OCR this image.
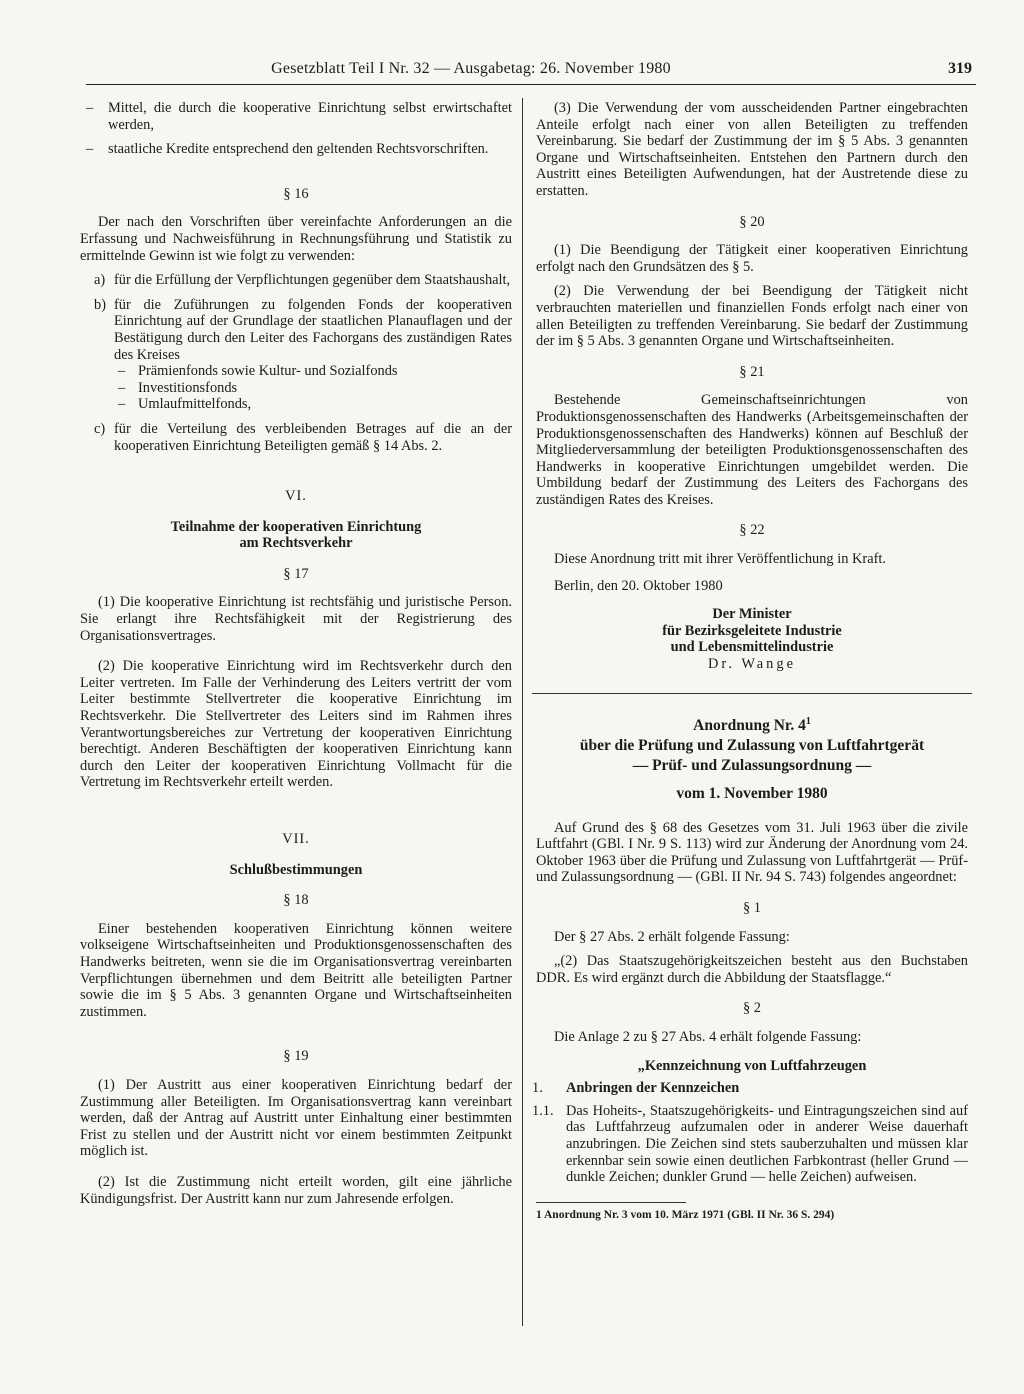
Gesetzblatt Teil I Nr. 32 — Ausgabetag: 26. November 1980	319
– Mittel, die durch die kooperative Einrichtung selbst erwirtschaftet werden,
– staatliche Kredite entsprechend den geltenden Rechtsvorschriften.

§ 16

Der nach den Vorschriften über vereinfachte Anforderungen an die Erfassung und Nachweisführung in Rechnungsführung und Statistik zu ermittelnde Gewinn ist wie folgt zu verwenden:

a) für die Erfüllung der Verpflichtungen gegenüber dem Staatshaushalt,
b) für die Zuführungen zu folgenden Fonds der kooperativen Einrichtung auf der Grundlage der staatlichen Planauflagen und der Bestätigung durch den Leiter des Fachorgans des zuständigen Rates des Kreises
– Prämienfonds sowie Kultur- und Sozialfonds
– Investitionsfonds
– Umlaufmittelfonds,
c) für die Verteilung des verbleibenden Betrages auf die an der kooperativen Einrichtung Beteiligten gemäß § 14 Abs. 2.

VI.

Teilnahme der kooperativen Einrichtung

am Rechtsverkehr

§ 17

(1) Die kooperative Einrichtung ist rechtsfähig und juristische Person. Sie erlangt ihre Rechtsfähigkeit mit der Registrierung des Organisationsvertrages.

(2) Die kooperative Einrichtung wird im Rechtsverkehr durch den Leiter vertreten. Im Falle der Verhinderung des Leiters vertritt der vom Leiter bestimmte Stellvertreter die kooperative Einrichtung im Rechtsverkehr. Die Stellvertreter des Leiters sind im Rahmen ihres Verantwortungsbereiches zur Vertretung der kooperativen Einrichtung berechtigt. Anderen Beschäftigten der kooperativen Einrichtung kann durch den Leiter der kooperativen Einrichtung Vollmacht für die Vertretung im Rechtsverkehr erteilt werden.

VII.

Schlußbestimmungen

§ 18

Einer bestehenden kooperativen Einrichtung können weitere volkseigene Wirtschaftseinheiten und Produktionsgenossenschaften des Handwerks beitreten, wenn sie die im Organisationsvertrag vereinbarten Verpflichtungen übernehmen und dem Beitritt alle beteiligten Partner sowie die im § 5 Abs. 3 genannten Organe und Wirtschaftseinheiten zustimmen.

§ 19

(1) Der Austritt aus einer kooperativen Einrichtung bedarf der Zustimmung aller Beteiligten. Im Organisationsvertrag kann vereinbart werden, daß der Antrag auf Austritt unter Einhaltung einer bestimmten Frist zu stellen und der Austritt nicht vor einem bestimmten Zeitpunkt möglich ist.

(2) Ist die Zustimmung nicht erteilt worden, gilt eine jährliche Kündigungsfrist. Der Austritt kann nur zum Jahresende erfolgen.

(3) Die Verwendung der vom ausscheidenden Partner eingebrachten Anteile erfolgt nach einer von allen Beteiligten zu treffenden Vereinbarung. Sie bedarf der Zustimmung der im § 5 Abs. 3 genannten Organe und Wirtschaftseinheiten. Entstehen den Partnern durch den Austritt eines Beteiligten Aufwendungen, hat der Austretende diese zu erstatten.

§ 20

(1) Die Beendigung der Tätigkeit einer kooperativen Einrichtung erfolgt nach den Grundsätzen des § 5.

(2) Die Verwendung der bei Beendigung der Tätigkeit nicht verbrauchten materiellen und finanziellen Fonds erfolgt nach einer von allen Beteiligten zu treffenden Vereinbarung. Sie bedarf der Zustimmung der im § 5 Abs. 3 genannten Organe und Wirtschaftseinheiten.

§ 21

Bestehende Gemeinschaftseinrichtungen von Produktionsgenossenschaften des Handwerks (Arbeitsgemeinschaften der Produktionsgenossenschaften des Handwerks) können auf Beschluß der Mitgliederversammlung der beteiligten Produktionsgenossenschaften des Handwerks in kooperative Einrichtungen umgebildet werden. Die Umbildung bedarf der Zustimmung des Leiters des Fachorgans des zuständigen Rates des Kreises.

§ 22

Diese Anordnung tritt mit ihrer Veröffentlichung in Kraft.

Berlin, den 20. Oktober 1980

Der Minister

für Bezirksgeleitete Industrie

und Lebensmittelindustrie

Dr. Wange

Anordnung Nr. $4^1$

über die Prüfung und Zulassung von Luftfahrtgerät

— Prüf- und Zulassungsordnung —

vom 1. November 1980

Auf Grund des § 68 des Gesetzes vom 31. Juli 1963 über die zivile Luftfahrt (GBl. I Nr. 9 S. 113) wird zur Änderung der Anordnung vom 24. Oktober 1963 über die Prüfung und Zulassung von Luftfahrtgerät — Prüf- und Zulassungsordnung — (GBl. II Nr. 94 S. 743) folgendes angeordnet:

§ 1

Der § 27 Abs. 2 erhält folgende Fassung:

„(2) Das Staatszugehörigkeitszeichen besteht aus den Buchstaben DDR. Es wird ergänzt durch die Abbildung der Staatsflagge.“

§ 2

Die Anlage 2 zu § 27 Abs. 4 erhält folgende Fassung:

„Kennzeichnung von Luftfahrzeugen

1. Anbringen der Kennzeichen
1.1. Das Hoheits-, Staatszugehörigkeits- und Eintragungszeichen sind auf das Luftfahrzeug aufzumalen oder in anderer Weise dauerhaft anzubringen. Die Zeichen sind stets sauberzuhalten und müssen klar erkennbar sein sowie einen deutlichen Farbkontrast (heller Grund — dunkle Zeichen; dunkler Grund — helle Zeichen) aufweisen.

1 Anordnung Nr. 3 vom 10. März 1971 (GBl. II Nr. 36 S. 294)
